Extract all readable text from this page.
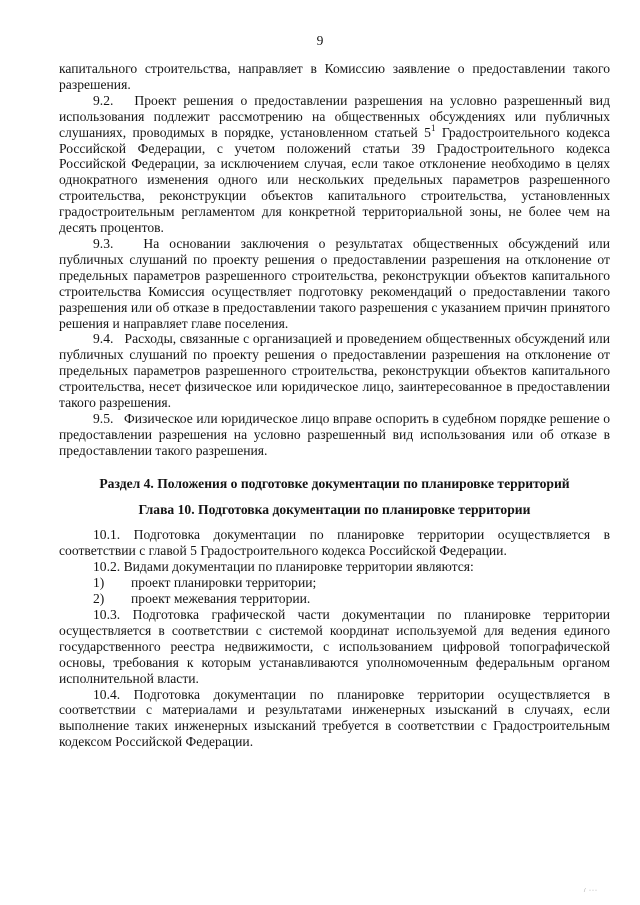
9

капитального строительства, направляет в Комиссию заявление о предоставлении такого разрешения.

9.2.   Проект решения о предоставлении разрешения на условно разрешенный вид использования подлежит рассмотрению на общественных обсуждениях или публичных слушаниях, проводимых в порядке, установленном статьей $5^1$ Градостроительного кодекса Российской Федерации, с учетом положений статьи 39 Градостроительного кодекса Российской Федерации, за исключением случая, если такое отклонение необходимо в целях однократного изменения одного или нескольких предельных параметров разрешенного строительства, реконструкции объектов капитального строительства, установленных градостроительным регламентом для конкретной территориальной зоны, не более чем на десять процентов.

9.3.   На основании заключения о результатах общественных обсуждений или публичных слушаний по проекту решения о предоставлении разрешения на отклонение от предельных параметров разрешенного строительства, реконструкции объектов капитального строительства Комиссия осуществляет подготовку рекомендаций о предоставлении такого разрешения или об отказе в предоставлении такого разрешения с указанием причин принятого решения и направляет главе поселения.

9.4.   Расходы, связанные с организацией и проведением общественных обсуждений или публичных слушаний по проекту решения о предоставлении разрешения на отклонение от предельных параметров разрешенного строительства, реконструкции объектов капитального строительства, несет физическое или юридическое лицо, заинтересованное в предоставлении такого разрешения.

9.5.   Физическое или юридическое лицо вправе оспорить в судебном порядке решение о предоставлении разрешения на условно разрешенный вид использования или об отказе в предоставлении такого разрешения.

Раздел 4. Положения о подготовке документации по планировке территорий

Глава 10. Подготовка документации по планировке территории

10.1. Подготовка документации по планировке территории осуществляется в соответствии с главой 5 Градостроительного кодекса Российской Федерации.

10.2. Видами документации по планировке территории являются:

1) проект планировки территории;

2) проект межевания территории.

10.3. Подготовка графической части документации по планировке территории осуществляется в соответствии с системой координат используемой для ведения единого государственного реестра недвижимости, с использованием цифровой топографической основы, требования к которым устанавливаются уполномоченным федеральным органом исполнительной власти.

10.4. Подготовка документации по планировке территории осуществляется в соответствии с материалами и результатами инженерных изысканий в случаях, если выполнение таких инженерных изысканий требуется в соответствии с Градостроительным кодексом Российской Федерации.

/ ···
